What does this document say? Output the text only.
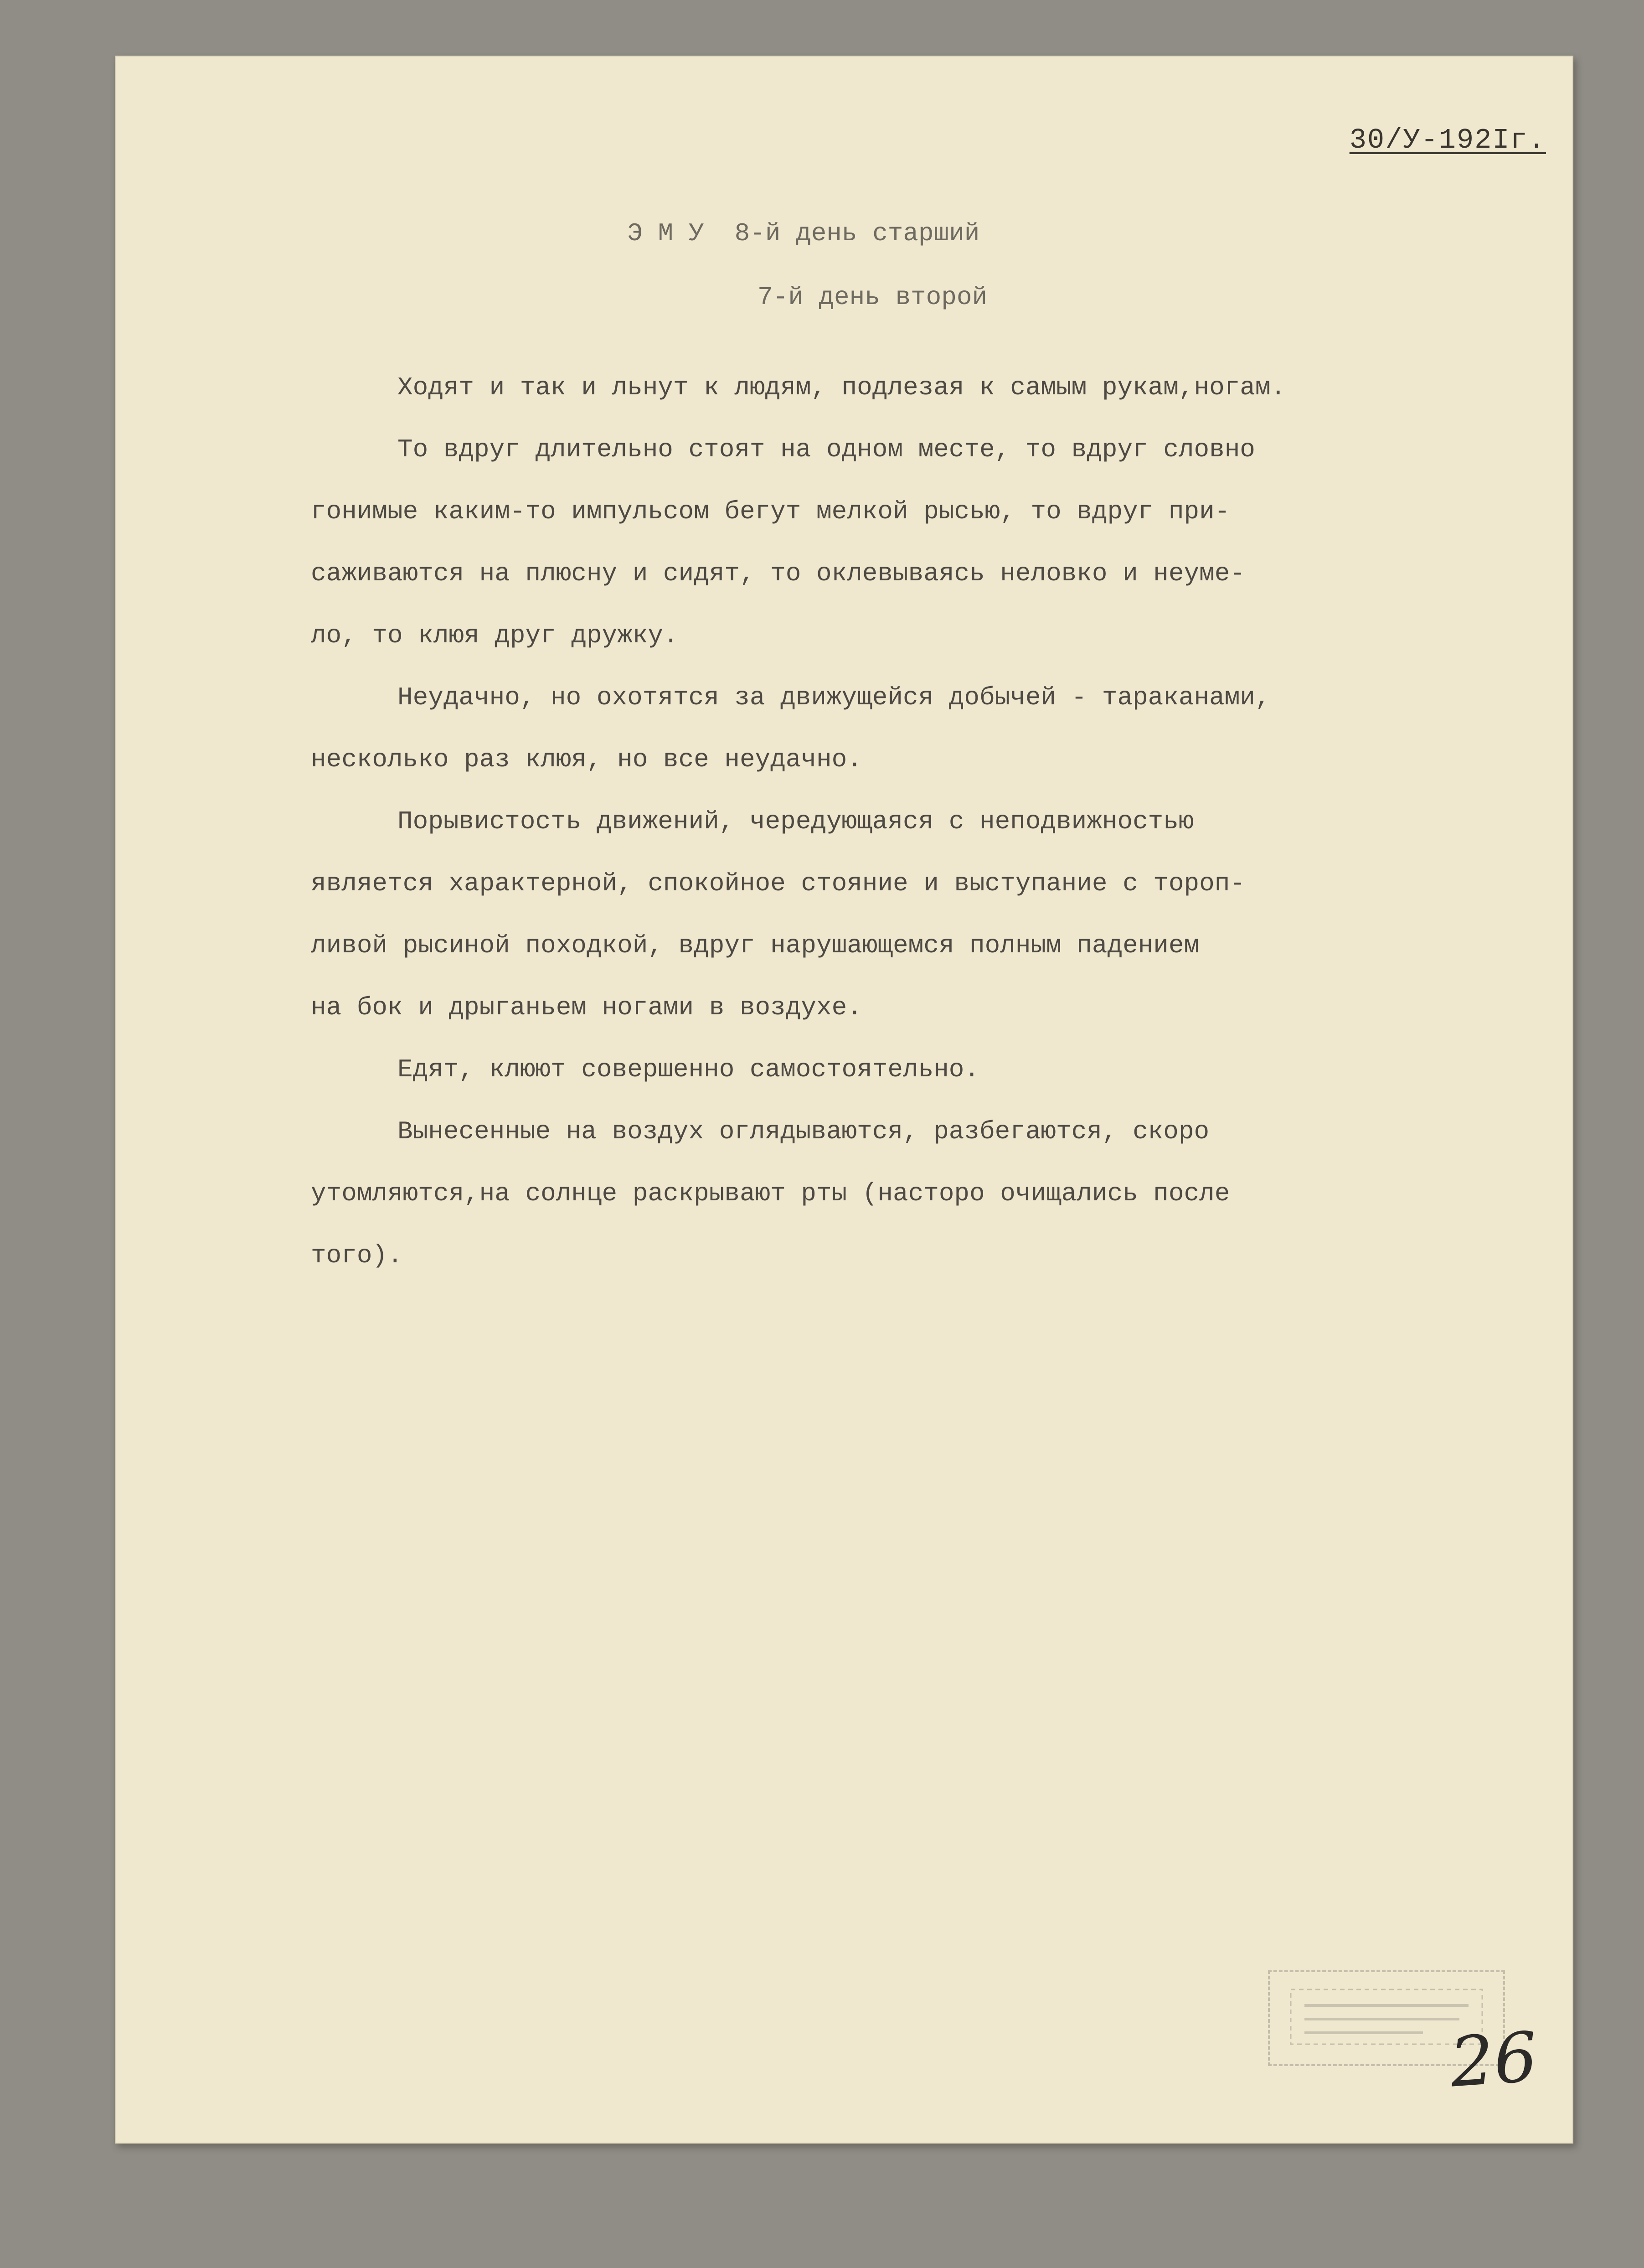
30/У-192Iг.

Э М У  8-й день старший

7-й день второй

Ходят и так и льнут к людям, подлезая к самым рукам,ногам.
То вдруг длительно стоят на одном месте, то вдруг словно
гонимые каким-то импульсом бегут мелкой рысью, то вдруг при-
саживаются на плюсну и сидят, то оклевываясь неловко и неуме-
ло, то клюя друг дружку.
Неудачно, но охотятся за движущейся добычей - тараканами,
несколько раз клюя, но все неудачно.
Порывистость движений, чередующаяся с неподвижностью
является характерной, спокойное стояние и выступание с тороп-
ливой рысиной походкой, вдруг нарушающемся полным падением
на бок и дрыганьем ногами в воздухе.
Едят, клюют совершенно самостоятельно.
Вынесенные на воздух оглядываются, разбегаются, скоро
утомляются,на солнце раскрывают рты (насторо очищались после
того).
26
